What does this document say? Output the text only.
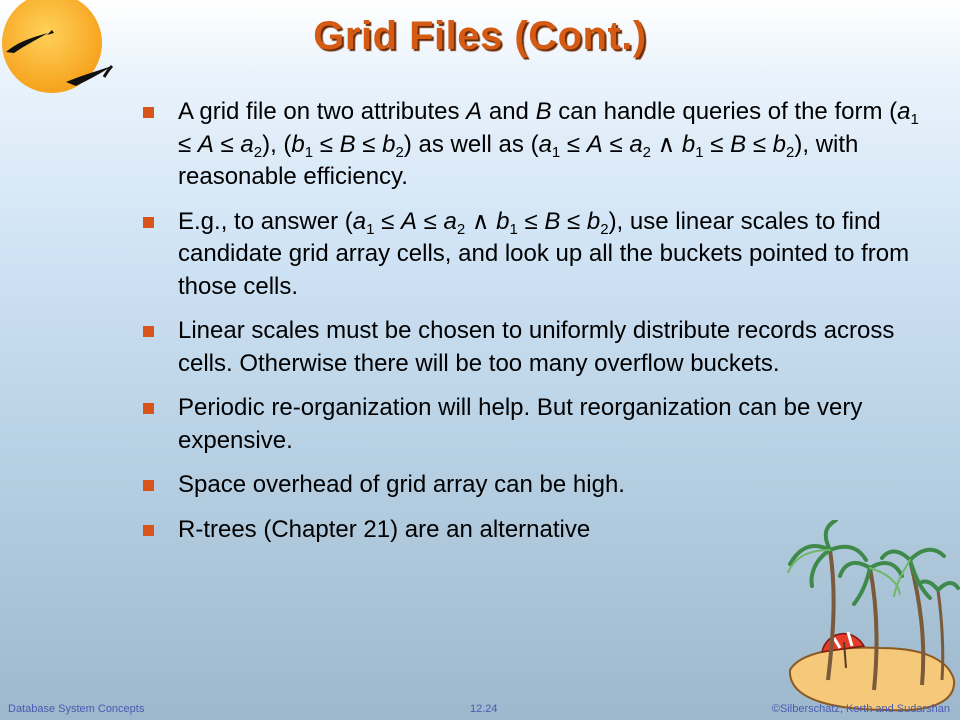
Grid Files (Cont.)
A grid file on two attributes A and B can handle queries of the form $(a_1 \le A \le a_2)$, $(b_1 \le B \le b_2)$ as well as ($a_1 \le A \le a_2$ ∧ $b_1 \le B \le b_2$), with reasonable efficiency.
E.g., to answer ($a_1 \le A \le a_2$ ∧ $b_1 \le B \le b_2$), use linear scales to find candidate grid array cells, and look up all the buckets pointed to from those cells.
Linear scales must be chosen to uniformly distribute records across cells. Otherwise there will be too many overflow buckets.
Periodic re-organization will help. But reorganization can be very expensive.
Space overhead of grid array can be high.
R-trees (Chapter 21) are an alternative
Database System Concepts	12.24	©Silberschatz, Korth and Sudarshan
